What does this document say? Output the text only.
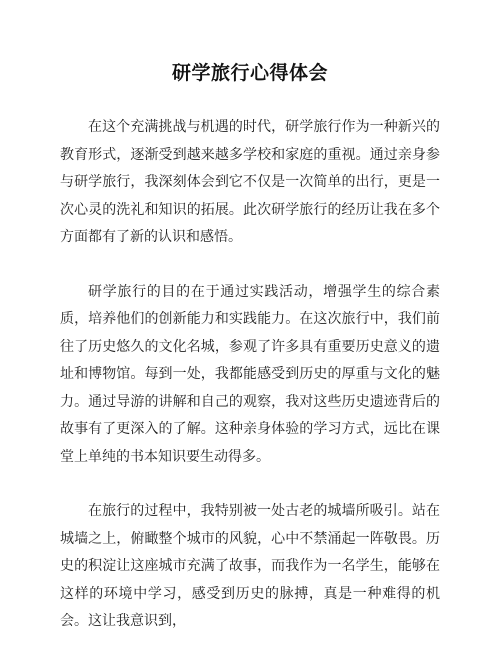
研学旅行心得体会

在这个充满挑战与机遇的时代，研学旅行作为一种新兴的教育形式，逐渐受到越来越多学校和家庭的重视。通过亲身参与研学旅行，我深刻体会到它不仅是一次简单的出行，更是一次心灵的洗礼和知识的拓展。此次研学旅行的经历让我在多个方面都有了新的认识和感悟。

研学旅行的目的在于通过实践活动，增强学生的综合素质，培养他们的创新能力和实践能力。在这次旅行中，我们前往了历史悠久的文化名城，参观了许多具有重要历史意义的遗址和博物馆。每到一处，我都能感受到历史的厚重与文化的魅力。通过导游的讲解和自己的观察，我对这些历史遗迹背后的故事有了更深入的了解。这种亲身体验的学习方式，远比在课堂上单纯的书本知识要生动得多。

在旅行的过程中，我特别被一处古老的城墙所吸引。站在城墙之上，俯瞰整个城市的风貌，心中不禁涌起一阵敬畏。历史的积淀让这座城市充满了故事，而我作为一名学生，能够在这样的环境中学习，感受到历史的脉搏，真是一种难得的机会。这让我意识到，
